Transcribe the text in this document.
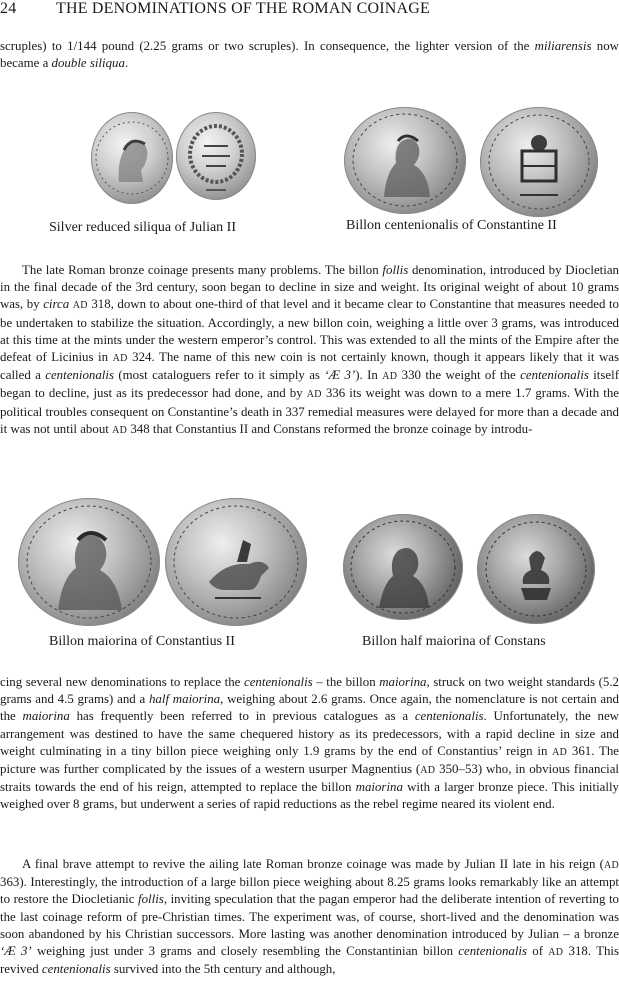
24 THE DENOMINATIONS OF THE ROMAN COINAGE

scruples) to 1/144 pound (2.25 grams or two scruples). In consequence, the lighter version of the miliarensis now became a double siliqua.

Silver reduced siliqua of Julian II	Billon centenionalis of Constantine II

The late Roman bronze coinage presents many problems. The billon follis denomination, introduced by Diocletian in the final decade of the 3rd century, soon began to decline in size and weight. Its original weight of about 10 grams was, by circa AD 318, down to about one-third of that level and it became clear to Constantine that measures needed to be undertaken to stabilize the situation. Accordingly, a new billon coin, weighing a little over 3 grams, was introduced at this time at the mints under the western emperor’s control. This was extended to all the mints of the Empire after the defeat of Licinius in AD 324. The name of this new coin is not certainly known, though it appears likely that it was called a centenionalis (most cataloguers refer to it simply as ‘Æ 3’). In AD 330 the weight of the centenionalis itself began to decline, just as its predecessor had done, and by AD 336 its weight was down to a mere 1.7 grams. With the political troubles consequent on Constantine’s death in 337 remedial measures were delayed for more than a decade and it was not until about AD 348 that Constantius II and Constans reformed the bronze coinage by introdu-

Billon maiorina of Constantius II	Billon half maiorina of Constans

cing several new denominations to replace the centenionalis – the billon maiorina, struck on two weight standards (5.2 grams and 4.5 grams) and a half maiorina, weighing about 2.6 grams. Once again, the nomenclature is not certain and the maiorina has frequently been referred to in previous catalogues as a centenionalis. Unfortunately, the new arrangement was destined to have the same chequered history as its predecessors, with a rapid decline in size and weight culminating in a tiny billon piece weighing only 1.9 grams by the end of Constantius’ reign in AD 361. The picture was further complicated by the issues of a western usurper Magnentius (AD 350–53) who, in obvious financial straits towards the end of his reign, attempted to replace the billon maiorina with a larger bronze piece. This initially weighed over 8 grams, but underwent a series of rapid reductions as the rebel regime neared its violent end.

A final brave attempt to revive the ailing late Roman bronze coinage was made by Julian II late in his reign (AD 363). Interestingly, the introduction of a large billon piece weighing about 8.25 grams looks remarkably like an attempt to restore the Diocletianic follis, inviting speculation that the pagan emperor had the deliberate intention of reverting to the last coinage reform of pre-Christian times. The experiment was, of course, short-lived and the denomination was soon abandoned by his Christian successors. More lasting was another denomination introduced by Julian – a bronze ‘Æ 3’ weighing just under 3 grams and closely resembling the Constantinian billon centenionalis of AD 318. This revived centenionalis survived into the 5th century and although,
